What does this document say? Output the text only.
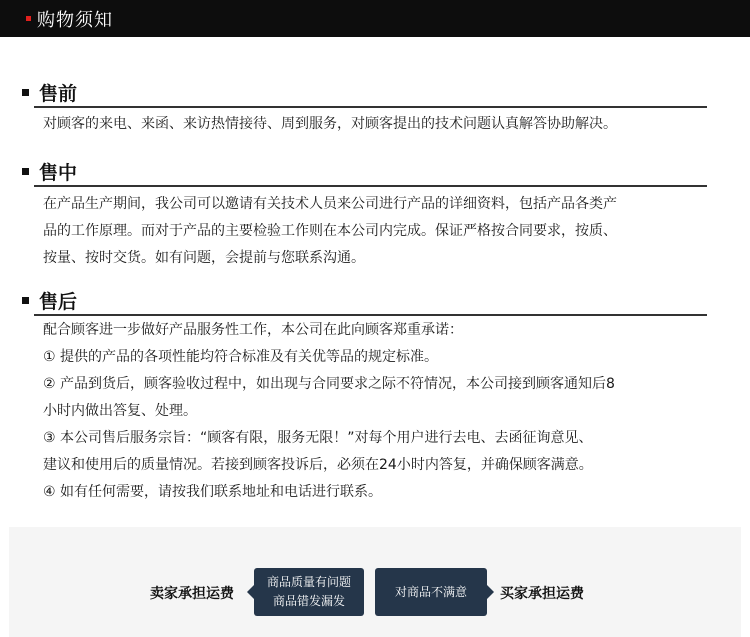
购物须知
售前

对顾客的来电、来函、来访热情接待、周到服务，对顾客提出的技术问题认真解答协助解决。

售中

在产品生产期间，我公司可以邀请有关技术人员来公司进行产品的详细资料，包括产品各类产

品的工作原理。而对于产品的主要检验工作则在本公司内完成。保证严格按合同要求，按质、

按量、按时交货。如有问题，会提前与您联系沟通。

售后

配合顾客进一步做好产品服务性工作，本公司在此向顾客郑重承诺：

① 提供的产品的各项性能均符合标准及有关优等品的规定标准。

② 产品到货后，顾客验收过程中，如出现与合同要求之际不符情况，本公司接到顾客通知后8

小时内做出答复、处理。

③ 本公司售后服务宗旨：“顾客有限，服务无限！”对每个用户进行去电、去函征询意见、

建议和使用后的质量情况。若接到顾客投诉后，必须在24小时内答复，并确保顾客满意。

④ 如有任何需要，请按我们联系地址和电话进行联系。

卖家承担运费
商品质量有问题
商品错发漏发
对商品不满意	买家承担运费
